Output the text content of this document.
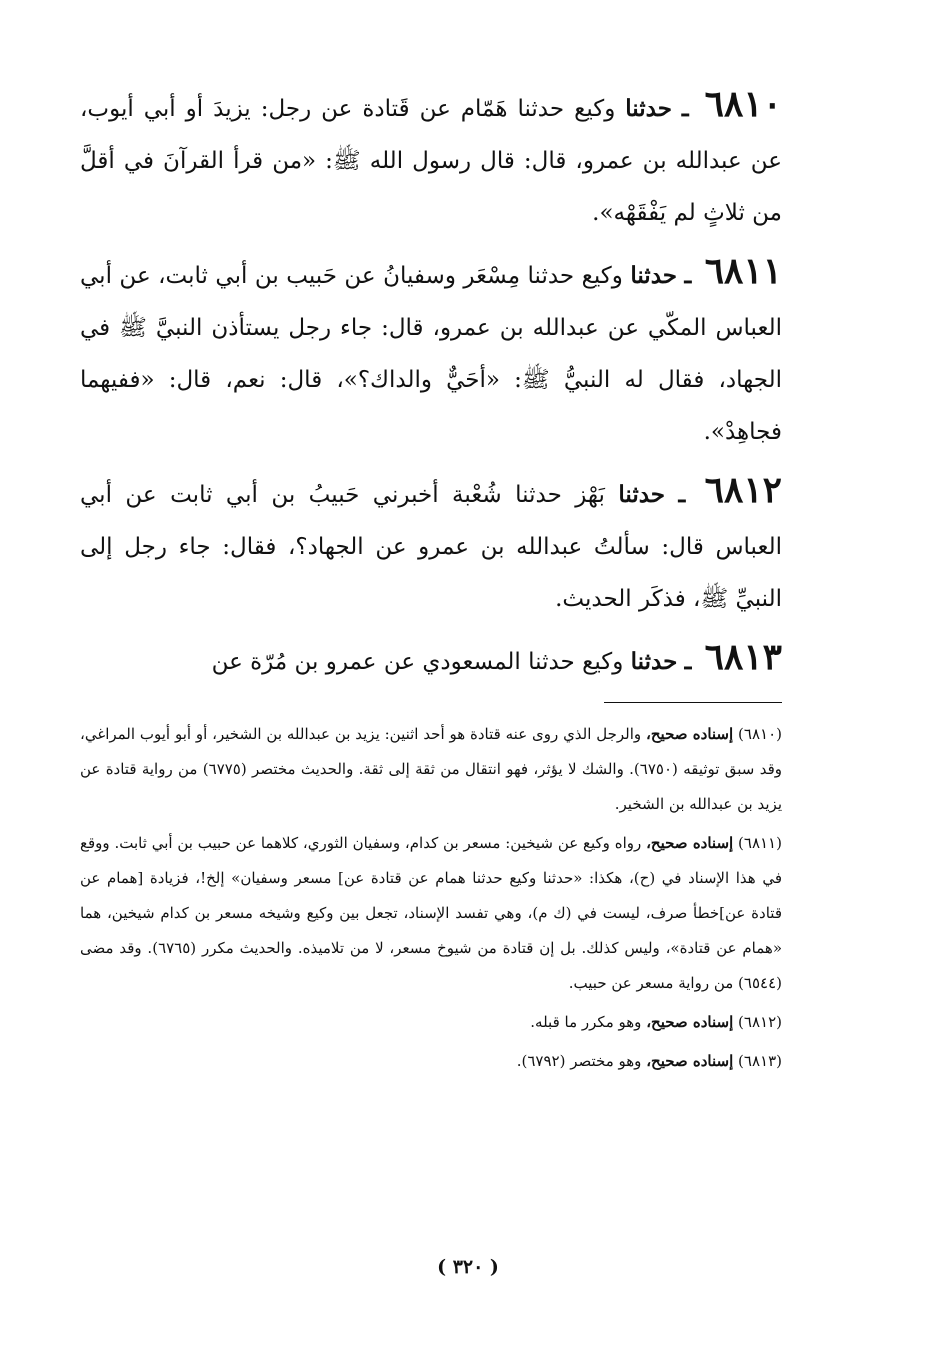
٦٨١٠ ـ حدثنا وكيع حدثنا هَمّام عن قَتادة عن رجل: يزيدَ أو أبي أيوب، عن عبدالله بن عمرو، قال: قال رسول الله ﷺ: «من قرأ القرآنَ في أقلَّ من ثلاثٍ لم يَفْقَهْه».

٦٨١١ ـ حدثنا وكيع حدثنا مِسْعَر وسفيانُ عن حَبيب بن أبي ثابت، عن أبي العباس المكّي عن عبدالله بن عمرو، قال: جاء رجل يستأذن النبيَّ ﷺ في الجهاد، فقال له النبيُّ ﷺ: «أحَيٌّ والداك؟»، قال: نعم، قال: «ففيهما فجاهِدْ».

٦٨١٢ ـ حدثنا بَهْز حدثنا شُعْبة أخبرني حَبيبُ بن أبي ثابت عن أبي العباس قال: سألتُ عبدالله بن عمرو عن الجهاد؟، فقال: جاء رجل إلى النبيِّ ﷺ، فذكَر الحديث.

٦٨١٣ ـ حدثنا وكيع حدثنا المسعودي عن عمرو بن مُرّة عن

(٦٨١٠) إسناده صحيح، والرجل الذي روى عنه قتادة هو أحد اثنين: يزيد بن عبدالله بن الشخير، أو أبو أيوب المراغي، وقد سبق توثيقه (٦٧٥٠). والشك لا يؤثر، فهو انتقال من ثقة إلى ثقة. والحديث مختصر (٦٧٧٥) من رواية قتادة عن يزيد بن عبدالله بن الشخير.

(٦٨١١) إسناده صحيح، رواه وكيع عن شيخين: مسعر بن كدام، وسفيان الثوري، كلاهما عن حبيب بن أبي ثابت. ووقع في هذا الإسناد في (ح)، هكذا: «حدثنا وكيع حدثنا همام عن قتادة عن] مسعر وسفيان» إلخ!، فزيادة [همام عن قتادة عن]خطأ صرف، ليست في (ك م)، وهي تفسد الإسناد، تجعل بين وكيع وشيخه مسعر بن كدام شيخين، هما «همام عن قتادة»، وليس كذلك. بل إن قتادة من شيوخ مسعر، لا من تلاميذه. والحديث مكرر (٦٧٦٥). وقد مضى (٦٥٤٤) من رواية مسعر عن حبيب.

(٦٨١٢) إسناده صحيح، وهو مكرر ما قبله.

(٦٨١٣) إسناده صحيح، وهو مختصر (٦٧٩٢).

( ٣٢٠ )
